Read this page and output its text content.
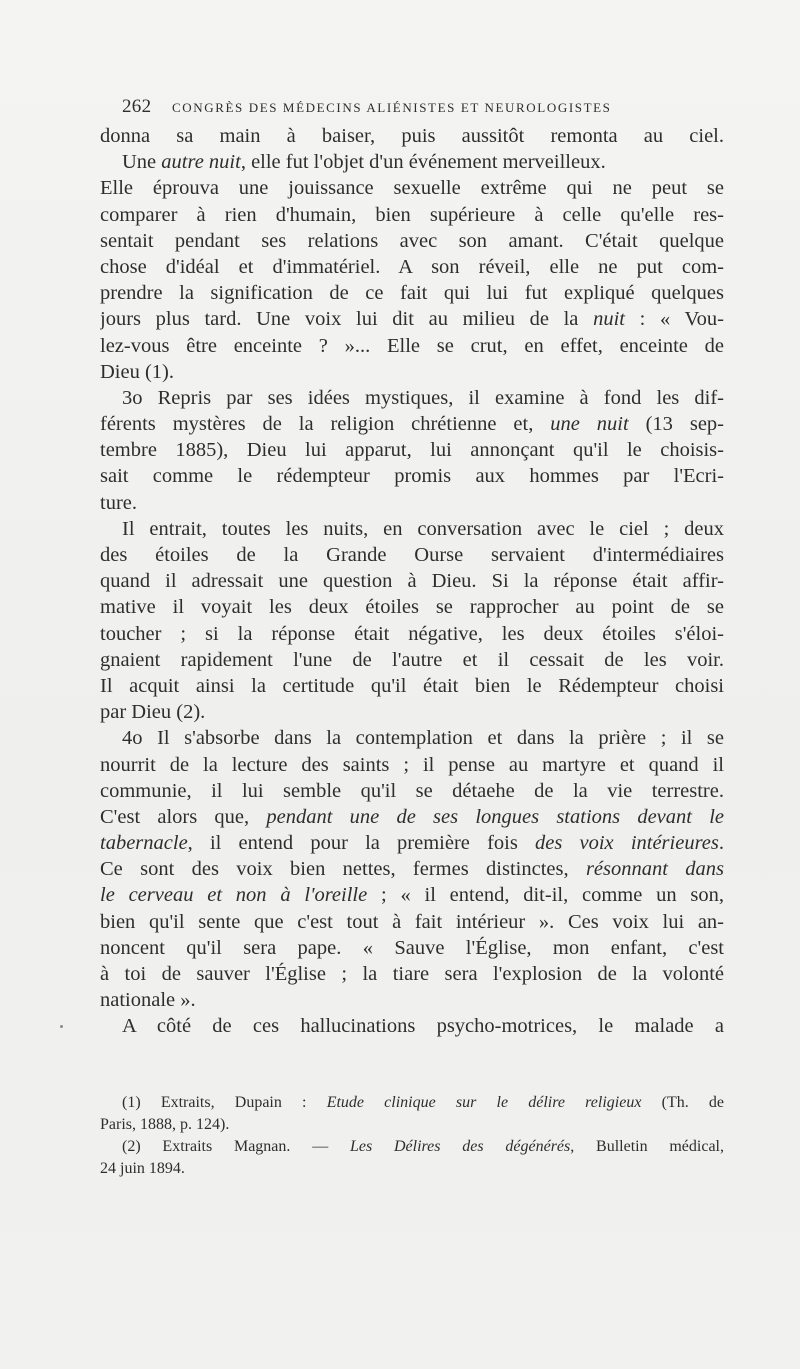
262 CONGRÈS DES MÉDECINS ALIÉNISTES ET NEUROLOGISTES
donna sa main à baiser, puis aussitôt remonta au ciel.
Une autre nuit, elle fut l'objet d'un événement merveilleux.
Elle éprouva une jouissance sexuelle extrême qui ne peut se
comparer à rien d'humain, bien supérieure à celle qu'elle res-
sentait pendant ses relations avec son amant. C'était quelque
chose d'idéal et d'immatériel. A son réveil, elle ne put com-
prendre la signification de ce fait qui lui fut expliqué quelques
jours plus tard. Une voix lui dit au milieu de la nuit : « Vou-
lez-vous être enceinte ? »... Elle se crut, en effet, enceinte de
Dieu (1).
3o Repris par ses idées mystiques, il examine à fond les dif-
férents mystères de la religion chrétienne et, une nuit (13 sep-
tembre 1885), Dieu lui apparut, lui annonçant qu'il le choisis-
sait comme le rédempteur promis aux hommes par l'Ecri-
ture.
Il entrait, toutes les nuits, en conversation avec le ciel ; deux
des étoiles de la Grande Ourse servaient d'intermédiaires
quand il adressait une question à Dieu. Si la réponse était affir-
mative il voyait les deux étoiles se rapprocher au point de se
toucher ; si la réponse était négative, les deux étoiles s'éloi-
gnaient rapidement l'une de l'autre et il cessait de les voir.
Il acquit ainsi la certitude qu'il était bien le Rédempteur choisi
par Dieu (2).
4o Il s'absorbe dans la contemplation et dans la prière ; il se
nourrit de la lecture des saints ; il pense au martyre et quand il
communie, il lui semble qu'il se détaehe de la vie terrestre.
C'est alors que, pendant une de ses longues stations devant le
tabernacle, il entend pour la première fois des voix intérieures.
Ce sont des voix bien nettes, fermes distinctes, résonnant dans
le cerveau et non à l'oreille ; « il entend, dit-il, comme un son,
bien qu'il sente que c'est tout à fait intérieur ». Ces voix lui an-
noncent qu'il sera pape. « Sauve l'Église, mon enfant, c'est
à toi de sauver l'Église ; la tiare sera l'explosion de la volonté
nationale ».
A côté de ces hallucinations psycho-motrices, le malade a
(1) Extraits, Dupain : Etude clinique sur le délire religieux (Th. de
Paris, 1888, p. 124).
(2) Extraits Magnan. — Les Délires des dégénérés, Bulletin médical,
24 juin 1894.
